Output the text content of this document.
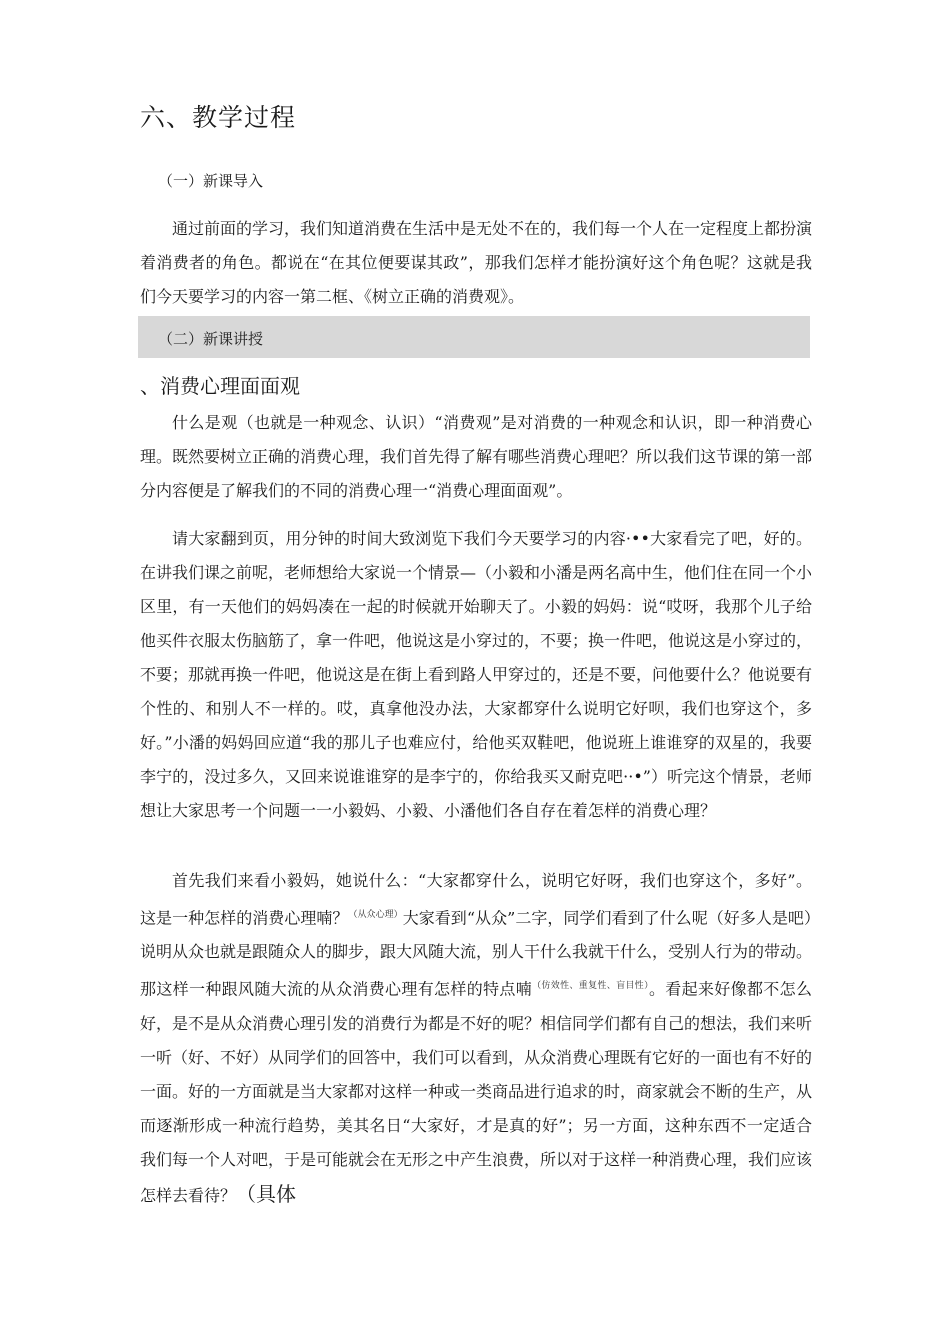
六、教学过程
（一）新课导入

通过前面的学习，我们知道消费在生活中是无处不在的，我们每一个人在一定程度上都扮演着消费者的角色。都说在“在其位便要谋其政”，那我们怎样才能扮演好这个角色呢？这就是我们今天要学习的内容一第二框、《树立正确的消费观》。

（二）新课讲授
、消费心理面面观

什么是观（也就是一种观念、认识）“消费观”是对消费的一种观念和认识，即一种消费心理。既然要树立正确的消费心理，我们首先得了解有哪些消费心理吧？所以我们这节课的第一部分内容便是了解我们的不同的消费心理一“消费心理面面观”。

请大家翻到页，用分钟的时间大致浏览下我们今天要学习的内容·••大家看完了吧，好的。在讲我们课之前呢，老师想给大家说一个情景—（小毅和小潘是两名高中生，他们住在同一个小区里，有一天他们的妈妈凑在一起的时候就开始聊天了。小毅的妈妈：说“哎呀，我那个儿子给他买件衣服太伤脑筋了，拿一件吧，他说这是小穿过的，不要；换一件吧，他说这是小穿过的，不要；那就再换一件吧，他说这是在街上看到路人甲穿过的，还是不要，问他要什么？他说要有个性的、和别人不一样的。哎，真拿他没办法，大家都穿什么说明它好呗，我们也穿这个，多好。”小潘的妈妈回应道“我的那儿子也难应付，给他买双鞋吧，他说班上谁谁穿的双星的，我要李宁的，没过多久，又回来说谁谁穿的是李宁的，你给我买又耐克吧··•”）听完这个情景，老师想让大家思考一个问题一一小毅妈、小毅、小潘他们各自存在着怎样的消费心理？

首先我们来看小毅妈，她说什么：“大家都穿什么，说明它好呀，我们也穿这个，多好”。这是一种怎样的消费心理喃？$^{(从众心理)}$大家看到“从众”二字，同学们看到了什么呢（好多人是吧）说明从众也就是跟随众人的脚步，跟大风随大流，别人干什么我就干什么，受别人行为的带动。那这样一种跟风随大流的从众消费心理有怎样的特点喃$^{(仿效性、重复性、盲目性)}$。看起来好像都不怎么好，是不是从众消费心理引发的消费行为都是不好的呢？相信同学们都有自己的想法，我们来听一听（好、不好）从同学们的回答中，我们可以看到，从众消费心理既有它好的一面也有不好的一面。好的一方面就是当大家都对这样一种或一类商品进行追求的时，商家就会不断的生产，从而逐渐形成一种流行趋势，美其名日“大家好，才是真的好”；另一方面，这种东西不一定适合我们每一个人对吧，于是可能就会在无形之中产生浪费，所以对于这样一种消费心理，我们应该怎样去看待？（具体
